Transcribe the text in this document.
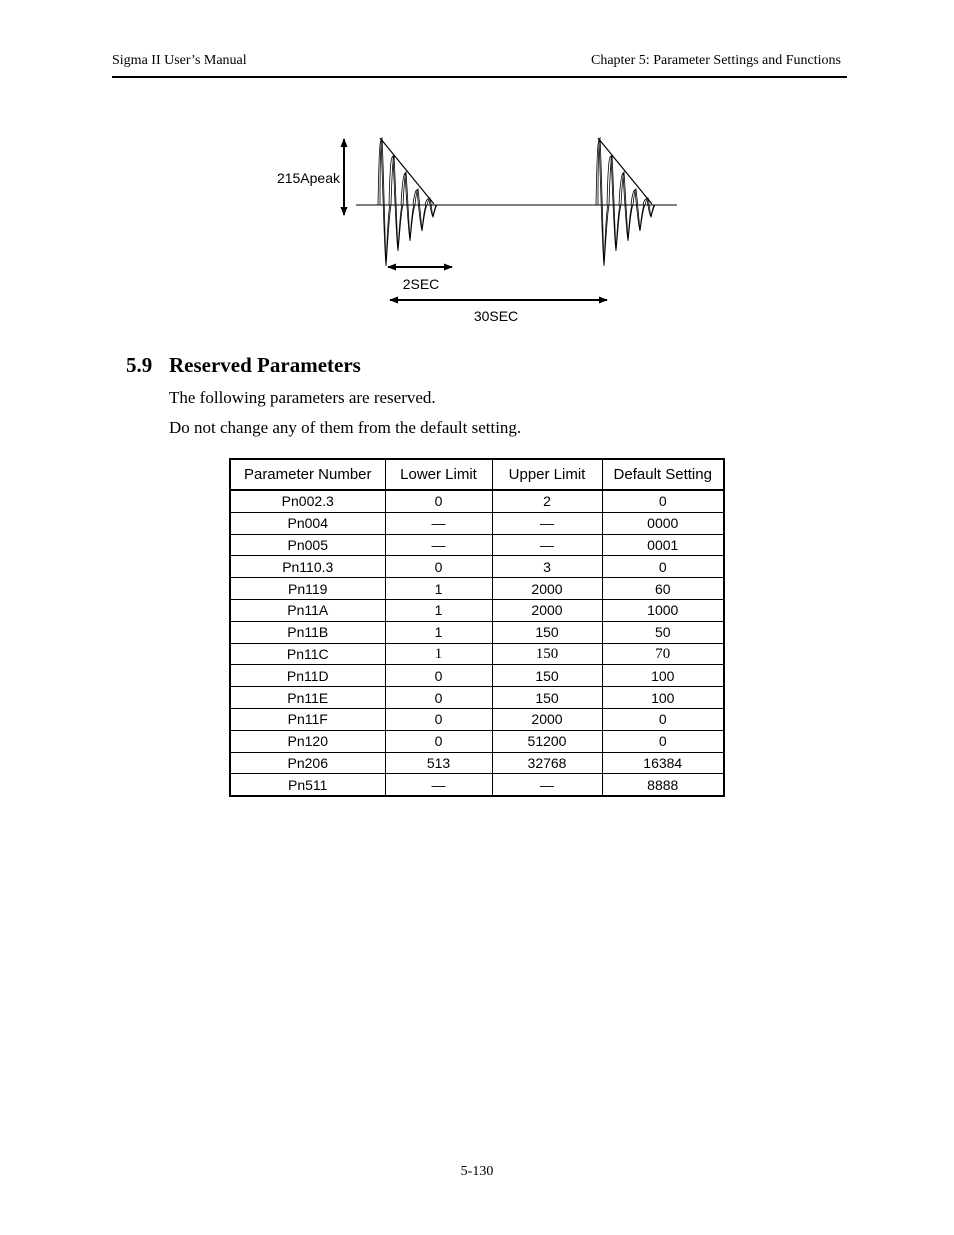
Sigma II User’s Manual	Chapter 5: Parameter Settings and Functions
215Apeak
2SEC
30SEC
5.9 Reserved Parameters
The following parameters are reserved.
Do not change any of them from the default setting.
Parameter Number	Lower Limit	Upper Limit	Default Setting
Pn002.3	0	2	0
Pn004	—	—	0000
Pn005	—	—	0001
Pn110.3	0	3	0
Pn119	1	2000	60
Pn11A	1	2000	1000
Pn11B	1	150	50
Pn11C	1	150	70
Pn11D	0	150	100
Pn11E	0	150	100
Pn11F	0	2000	0
Pn120	0	51200	0
Pn206	513	32768	16384
Pn511	—	—	8888
5-130
